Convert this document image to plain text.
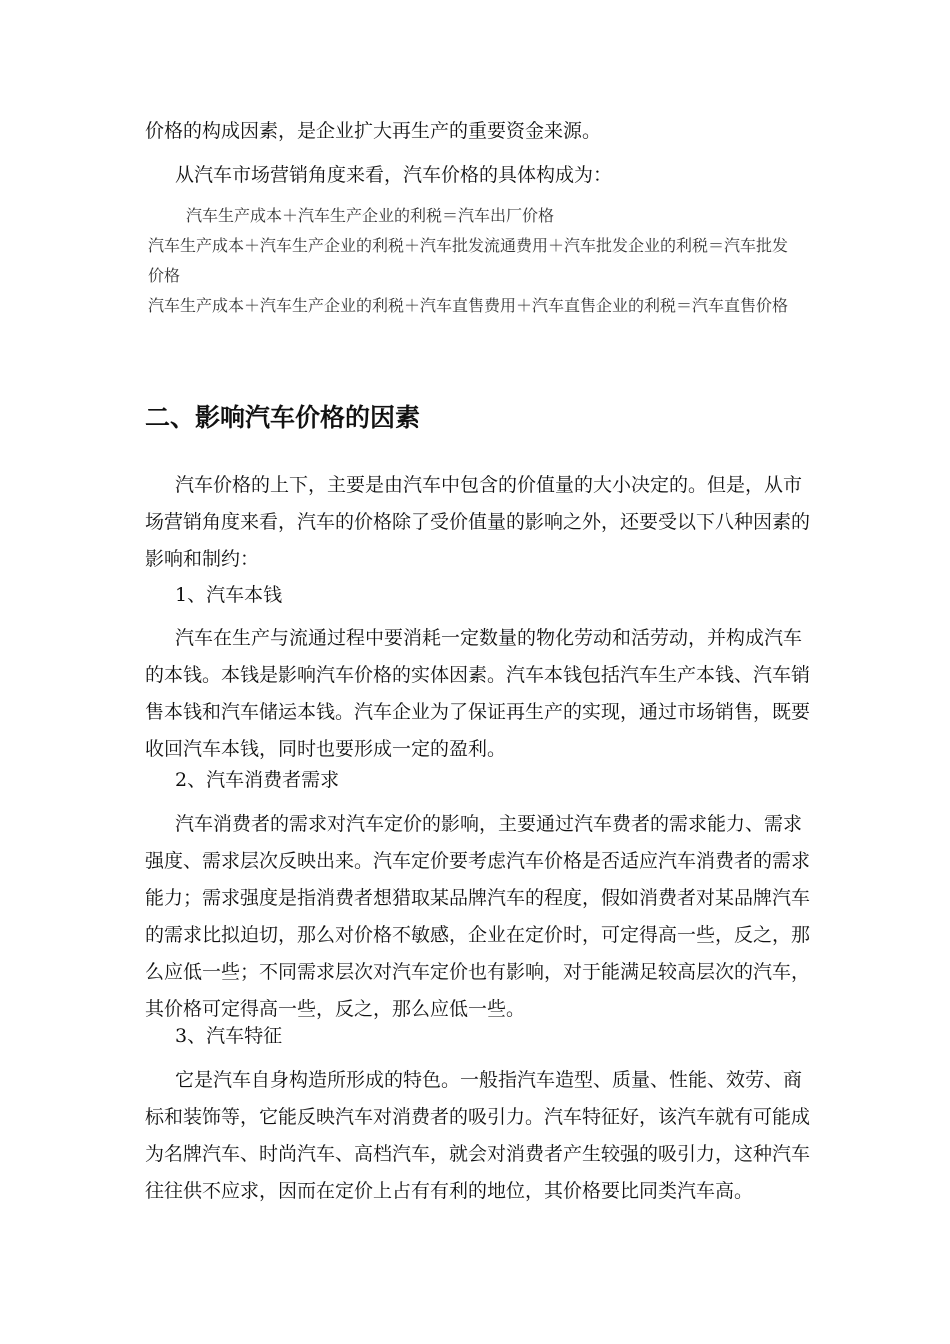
价格的构成因素，是企业扩大再生产的重要资金来源。

从汽车市场营销角度来看，汽车价格的具体构成为：

汽车生产成本＋汽车生产企业的利税＝汽车出厂价格

汽车生产成本＋汽车生产企业的利税＋汽车批发流通费用＋汽车批发企业的利税＝汽车批发价格

汽车生产成本＋汽车生产企业的利税＋汽车直售费用＋汽车直售企业的利税＝汽车直售价格

二、影响汽车价格的因素

汽车价格的上下，主要是由汽车中包含的价值量的大小决定的。但是，从市场营销角度来看，汽车的价格除了受价值量的影响之外，还要受以下八种因素的影响和制约：

1、汽车本钱

汽车在生产与流通过程中要消耗一定数量的物化劳动和活劳动，并构成汽车的本钱。本钱是影响汽车价格的实体因素。汽车本钱包括汽车生产本钱、汽车销售本钱和汽车储运本钱。汽车企业为了保证再生产的实现，通过市场销售，既要收回汽车本钱，同时也要形成一定的盈利。

2、汽车消费者需求

汽车消费者的需求对汽车定价的影响，主要通过汽车费者的需求能力、需求强度、需求层次反映出来。汽车定价要考虑汽车价格是否适应汽车消费者的需求能力；需求强度是指消费者想猎取某品牌汽车的程度，假如消费者对某品牌汽车的需求比拟迫切，那么对价格不敏感，企业在定价时，可定得高一些，反之，那么应低一些；不同需求层次对汽车定价也有影响，对于能满足较高层次的汽车，其价格可定得高一些，反之，那么应低一些。

3、汽车特征

它是汽车自身构造所形成的特色。一般指汽车造型、质量、性能、效劳、商标和装饰等，它能反映汽车对消费者的吸引力。汽车特征好，该汽车就有可能成为名牌汽车、时尚汽车、高档汽车，就会对消费者产生较强的吸引力，这种汽车往往供不应求，因而在定价上占有有利的地位，其价格要比同类汽车高。
